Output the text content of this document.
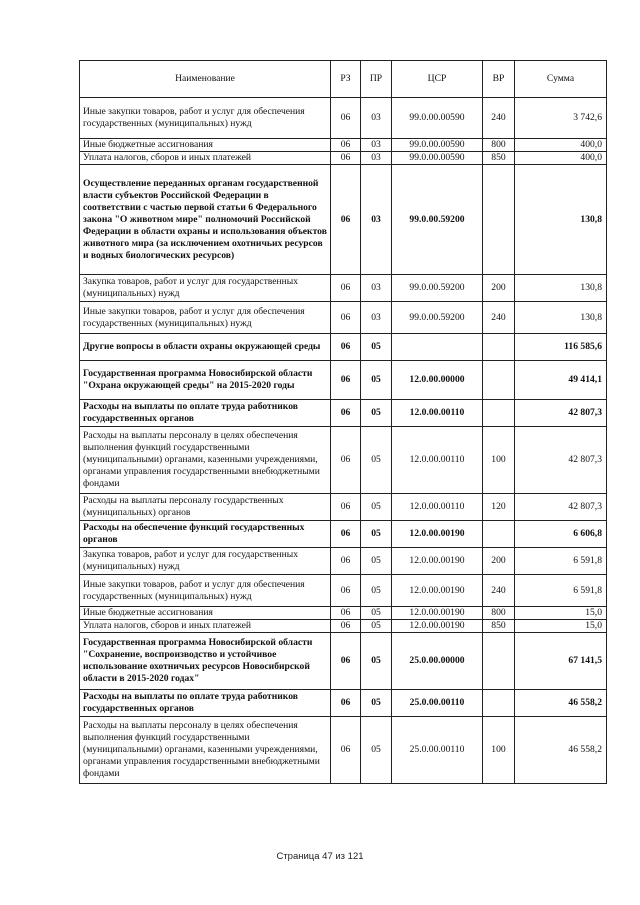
Наименование	РЗ	ПР	ЦСР	ВР	Сумма
Иные закупки товаров, работ и услуг для обеспечения государственных (муниципальных) нужд	06	03	99.0.00.00590	240	3 742,6
Иные бюджетные ассигнования	06	03	99.0.00.00590	800	400,0
Уплата налогов, сборов и иных платежей	06	03	99.0.00.00590	850	400,0
Осуществление переданных органам государственной власти субъектов Российской Федерации в соответствии с частью первой статьи 6 Федерального закона "О животном мире" полномочий Российской Федерации в области охраны и использования объектов животного мира (за исключением охотничьих ресурсов и водных биологических ресурсов)	06	03	99.0.00.59200		130,8
Закупка товаров, работ и услуг для государственных (муниципальных) нужд	06	03	99.0.00.59200	200	130,8
Иные закупки товаров, работ и услуг для обеспечения государственных (муниципальных) нужд	06	03	99.0.00.59200	240	130,8
Другие вопросы в области охраны окружающей среды	06	05			116 585,6
Государственная программа Новосибирской области "Охрана окружающей среды" на 2015-2020 годы	06	05	12.0.00.00000		49 414,1
Расходы на выплаты по оплате труда работников государственных органов	06	05	12.0.00.00110		42 807,3
Расходы на выплаты персоналу в целях обеспечения выполнения функций государственными (муниципальными) органами, казенными учреждениями, органами управления государственными внебюджетными фондами	06	05	12.0.00.00110	100	42 807,3
Расходы на выплаты персоналу государственных (муниципальных) органов	06	05	12.0.00.00110	120	42 807,3
Расходы на обеспечение функций государственных органов	06	05	12.0.00.00190		6 606,8
Закупка товаров, работ и услуг для государственных (муниципальных) нужд	06	05	12.0.00.00190	200	6 591,8
Иные закупки товаров, работ и услуг для обеспечения государственных (муниципальных) нужд	06	05	12.0.00.00190	240	6 591,8
Иные бюджетные ассигнования	06	05	12.0.00.00190	800	15,0
Уплата налогов, сборов и иных платежей	06	05	12.0.00.00190	850	15,0
Государственная программа Новосибирской области "Сохранение, воспроизводство и устойчивое использование охотничьих ресурсов Новосибирской области в 2015-2020 годах"	06	05	25.0.00.00000		67 141,5
Расходы на выплаты по оплате труда работников государственных органов	06	05	25.0.00.00110		46 558,2
Расходы на выплаты персоналу в целях обеспечения выполнения функций государственными (муниципальными) органами, казенными учреждениями, органами управления государственными внебюджетными фондами	06	05	25.0.00.00110	100	46 558,2
Страница 47 из 121
